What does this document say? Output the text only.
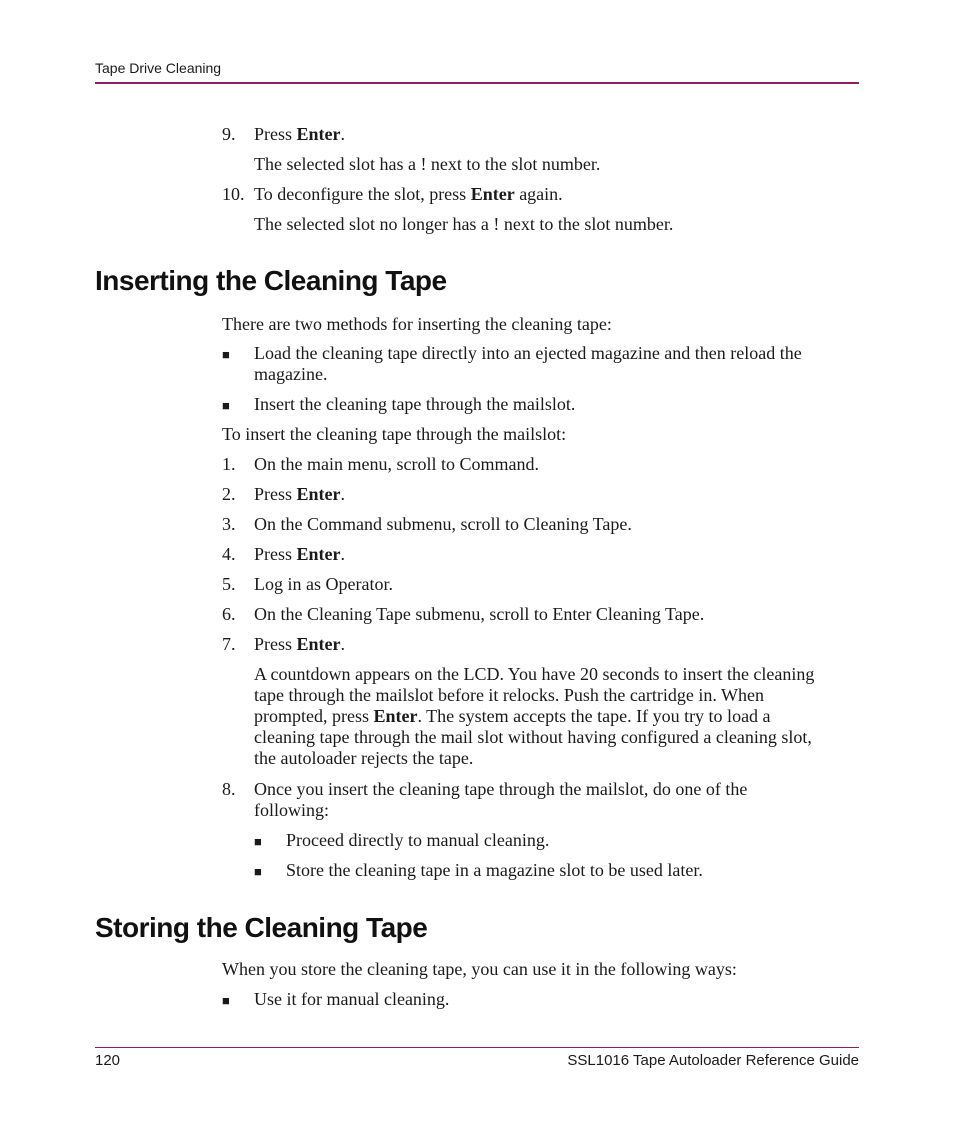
Tape Drive Cleaning
9.	Press Enter.
The selected slot has a ! next to the slot number.
10. To deconfigure the slot, press Enter again.
The selected slot no longer has a ! next to the slot number.
Inserting the Cleaning Tape
There are two methods for inserting the cleaning tape:
■ Load the cleaning tape directly into an ejected magazine and then reload the
magazine.
■ Insert the cleaning tape through the mailslot.
To insert the cleaning tape through the mailslot:
1.	On the main menu, scroll to Command.
2.	Press Enter.
3.	On the Command submenu, scroll to Cleaning Tape.
4.	Press Enter.
5.	Log in as Operator.
6.	On the Cleaning Tape submenu, scroll to Enter Cleaning Tape.
7.	Press Enter.
A countdown appears on the LCD. You have 20 seconds to insert the cleaning
tape through the mailslot before it relocks. Push the cartridge in. When
prompted, press Enter. The system accepts the tape. If you try to load a
cleaning tape through the mail slot without having configured a cleaning slot,
the autoloader rejects the tape.
8.	Once you insert the cleaning tape through the mailslot, do one of the
following:
■ Proceed directly to manual cleaning.
■ Store the cleaning tape in a magazine slot to be used later.
Storing the Cleaning Tape
When you store the cleaning tape, you can use it in the following ways:
■ Use it for manual cleaning.
120	SSL1016 Tape Autoloader Reference Guide
